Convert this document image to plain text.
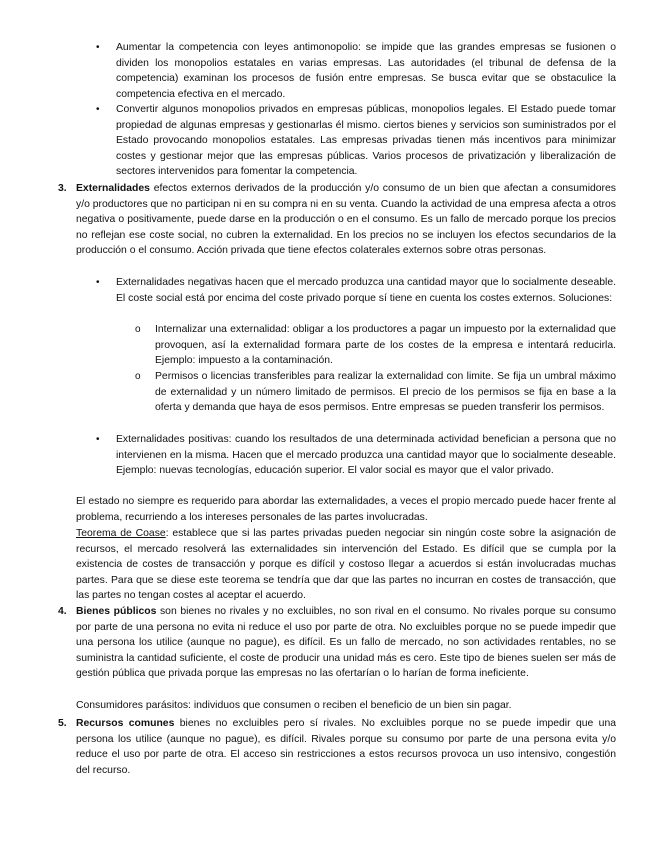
• Aumentar la competencia con leyes antimonopolio: se impide que las grandes empresas se fusionen o dividen los monopolios estatales en varias empresas. Las autoridades (el tribunal de defensa de la competencia) examinan los procesos de fusión entre empresas. Se busca evitar que se obstaculice la competencia efectiva en el mercado.
• Convertir algunos monopolios privados en empresas públicas, monopolios legales. El Estado puede tomar propiedad de algunas empresas y gestionarlas él mismo. ciertos bienes y servicios son suministrados por el Estado provocando monopolios estatales. Las empresas privadas tienen más incentivos para minimizar costes y gestionar mejor que las empresas públicas. Varios procesos de privatización y liberalización de sectores intervenidos para fomentar la competencia.
3. Externalidades efectos externos derivados de la producción y/o consumo de un bien que afectan a consumidores y/o productores que no participan ni en su compra ni en su venta. Cuando la actividad de una empresa afecta a otros negativa o positivamente, puede darse en la producción o en el consumo. Es un fallo de mercado porque los precios no reflejan ese coste social, no cubren la externalidad. En los precios no se incluyen los efectos secundarios de la producción o el consumo. Acción privada que tiene efectos colaterales externos sobre otras personas.
• Externalidades negativas hacen que el mercado produzca una cantidad mayor que lo socialmente deseable. El coste social está por encima del coste privado porque sí tiene en cuenta los costes externos. Soluciones:
o Internalizar una externalidad: obligar a los productores a pagar un impuesto por la externalidad que provoquen, así la externalidad formara parte de los costes de la empresa e intentará reducirla. Ejemplo: impuesto a la contaminación.
o Permisos o licencias transferibles para realizar la externalidad con limite. Se fija un umbral máximo de externalidad y un número limitado de permisos. El precio de los permisos se fija en base a la oferta y demanda que haya de esos permisos. Entre empresas se pueden transferir los permisos.
• Externalidades positivas: cuando los resultados de una determinada actividad benefician a persona que no intervienen en la misma. Hacen que el mercado produzca una cantidad mayor que lo socialmente deseable. Ejemplo: nuevas tecnologías, educación superior. El valor social es mayor que el valor privado.
El estado no siempre es requerido para abordar las externalidades, a veces el propio mercado puede hacer frente al problema, recurriendo a los intereses personales de las partes involucradas.
Teorema de Coase: establece que si las partes privadas pueden negociar sin ningún coste sobre la asignación de recursos, el mercado resolverá las externalidades sin intervención del Estado. Es difícil que se cumpla por la existencia de costes de transacción y porque es difícil y costoso llegar a acuerdos si están involucradas muchas partes. Para que se diese este teorema se tendría que dar que las partes no incurran en costes de transacción, que las partes no tengan costes al aceptar el acuerdo.
4. Bienes públicos son bienes no rivales y no excluibles, no son rival en el consumo. No rivales porque su consumo por parte de una persona no evita ni reduce el uso por parte de otra. No excluibles porque no se puede impedir que una persona los utilice (aunque no pague), es difícil. Es un fallo de mercado, no son actividades rentables, no se suministra la cantidad suficiente, el coste de producir una unidad más es cero. Este tipo de bienes suelen ser más de gestión pública que privada porque las empresas no las ofertarían o lo harían de forma ineficiente.
Consumidores parásitos: individuos que consumen o reciben el beneficio de un bien sin pagar.
5. Recursos comunes bienes no excluibles pero sí rivales. No excluibles porque no se puede impedir que una persona los utilice (aunque no pague), es difícil. Rivales porque su consumo por parte de una persona evita y/o reduce el uso por parte de otra. El acceso sin restricciones a estos recursos provoca un uso intensivo, congestión del recurso.
